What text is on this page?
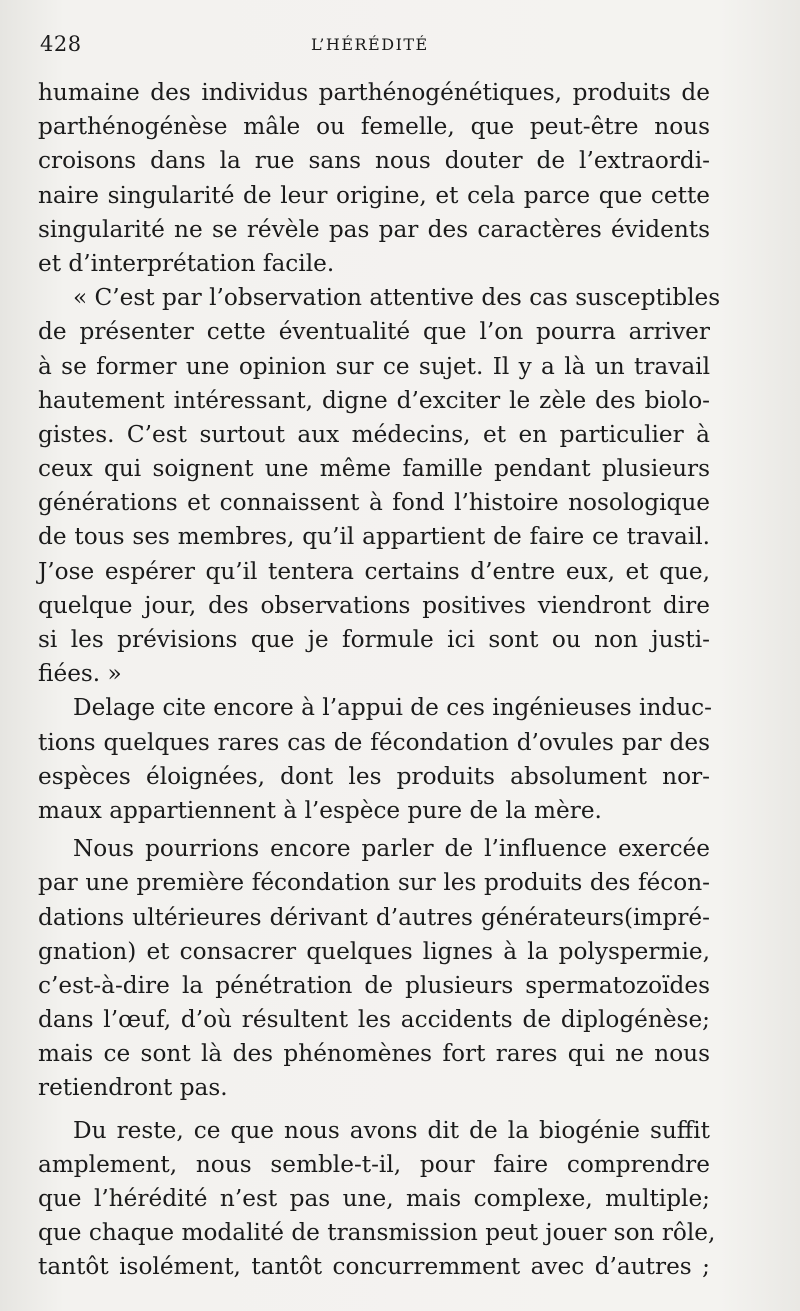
428	L’HÉRÉDITÉ
humaine des individus parthénogénétiques, produits de
parthénogénèse mâle ou femelle, que peut-être nous
croisons dans la rue sans nous douter de l’extraordi-
naire singularité de leur origine, et cela parce que cette
singularité ne se révèle pas par des caractères évidents
et d’interprétation facile.
« C’est par l’observation attentive des cas susceptibles
de présenter cette éventualité que l’on pourra arriver
à se former une opinion sur ce sujet. Il y a là un travail
hautement intéressant, digne d’exciter le zèle des biolo-
gistes. C’est surtout aux médecins, et en particulier à
ceux qui soignent une même famille pendant plusieurs
générations et connaissent à fond l’histoire nosologique
de tous ses membres, qu’il appartient de faire ce travail.
J’ose espérer qu’il tentera certains d’entre eux, et que,
quelque jour, des observations positives viendront dire
si les prévisions que je formule ici sont ou non justi-
fiées. »
Delage cite encore à l’appui de ces ingénieuses induc-
tions quelques rares cas de fécondation d’ovules par des
espèces éloignées, dont les produits absolument nor-
maux appartiennent à l’espèce pure de la mère.
Nous pourrions encore parler de l’influence exercée
par une première fécondation sur les produits des fécon-
dations ultérieures dérivant d’autres générateurs(impré-
gnation) et consacrer quelques lignes à la polyspermie,
c’est-à-dire la pénétration de plusieurs spermatozoïdes
dans l’œuf, d’où résultent les accidents de diplogénèse;
mais ce sont là des phénomènes fort rares qui ne nous
retiendront pas.
Du reste, ce que nous avons dit de la biogénie suffit
amplement, nous semble-t-il, pour faire comprendre
que l’hérédité n’est pas une, mais complexe, multiple;
que chaque modalité de transmission peut jouer son rôle,
tantôt isolément, tantôt concurremment avec d’autres ;
